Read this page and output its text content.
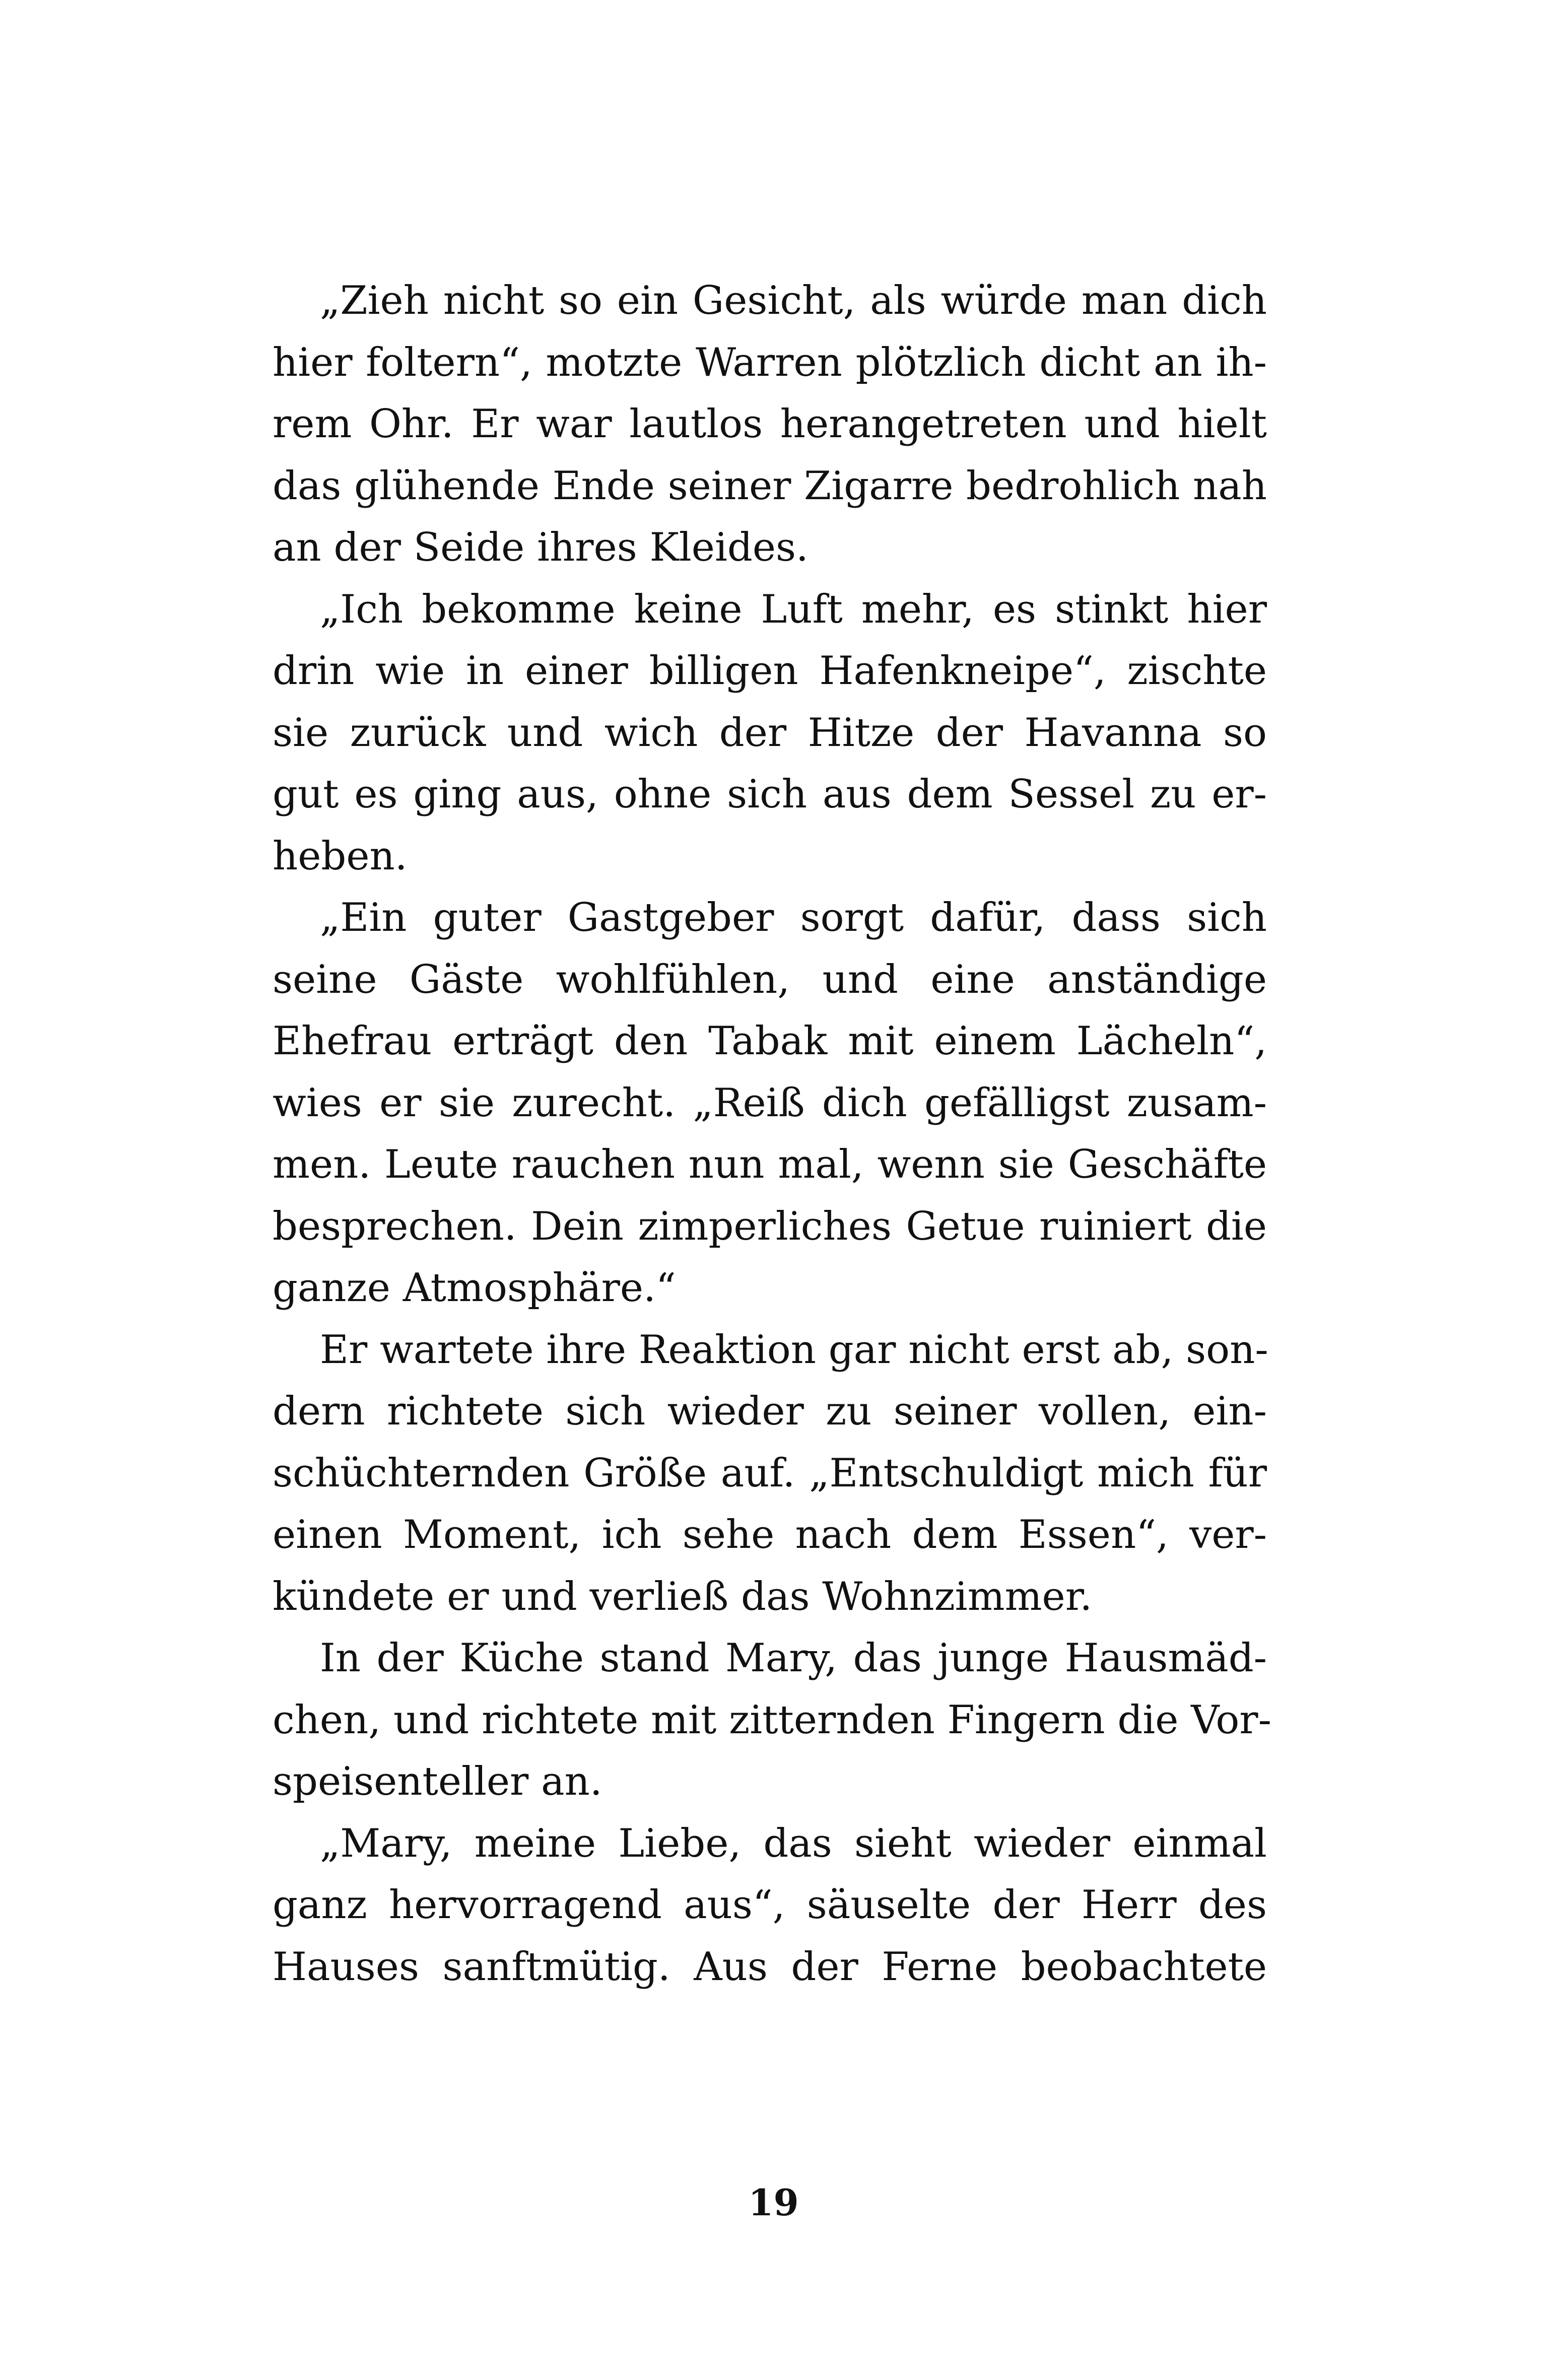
„Zieh nicht so ein Gesicht, als würde man dich
hier foltern“, motzte Warren plötzlich dicht an ih-
rem Ohr. Er war lautlos herangetreten und hielt
das glühende Ende seiner Zigarre bedrohlich nah
an der Seide ihres Kleides.
„Ich bekomme keine Luft mehr, es stinkt hier
drin wie in einer billigen Hafenkneipe“, zischte
sie zurück und wich der Hitze der Havanna so
gut es ging aus, ohne sich aus dem Sessel zu er-
heben.
„Ein guter Gastgeber sorgt dafür, dass sich
seine Gäste wohlfühlen, und eine anständige
Ehefrau erträgt den Tabak mit einem Lächeln“,
wies er sie zurecht. „Reiß dich gefälligst zusam-
men. Leute rauchen nun mal, wenn sie Geschäfte
besprechen. Dein zimperliches Getue ruiniert die
ganze Atmosphäre.“
Er wartete ihre Reaktion gar nicht erst ab, son-
dern richtete sich wieder zu seiner vollen, ein-
schüchternden Größe auf. „Entschuldigt mich für
einen Moment, ich sehe nach dem Essen“, ver-
kündete er und verließ das Wohnzimmer.
In der Küche stand Mary, das junge Hausmäd-
chen, und richtete mit zitternden Fingern die Vor-
speisenteller an.
„Mary, meine Liebe, das sieht wieder einmal
ganz hervorragend aus“, säuselte der Herr des
Hauses sanftmütig. Aus der Ferne beobachtete
19
